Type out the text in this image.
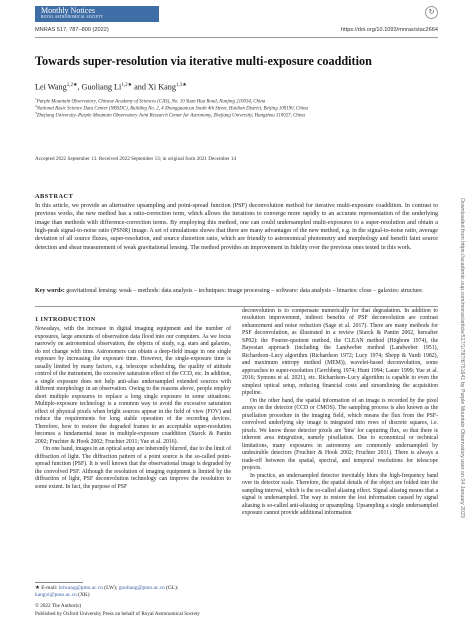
Monthly Notices
ROYAL ASTRONOMICAL SOCIETY
↻
MNRAS 517, 787–800 (2022)	https://doi.org/10.1093/mnras/stac2664
Towards super-resolution via iterative multi-exposure coaddition
Lei Wang$^{1,2★}$, Guoliang $Li^{1,2★}$ and Xi Kang$^{1,3★}$
$^1$Purple Mountain Observatory, Chinese Academy of Sciences (CAS), No. 10 Yuan Hua Road, Nanjing 210034, China
$^2$National Basic Science Data Center (NBSDC), Building No. 2, 4 Zhongguancun South 4th Street, Haidian District, Beijing 100190, China
$^3$Zhejiang University–Purple Mountain Observatory Joint Research Center for Astronomy, Zhejiang University, Hangzhou 310027, China
Accepted 2022 September 13. Received 2022 September 13; in original form 2021 December 14
ABSTRACT

In this article, we provide an alternative upsampling and point-spread function (PSF) deconvolution method for iterative multi-exposure coaddition. In contrast to previous works, the new method has a ratio-correction term, which allows the iterations to converge more rapidly to an accurate representation of the underlying image than methods with difference-correction terms. By employing this method, one can could undersampled multi-exposures to a super-resolution and obtain a high-peak signal-to-noise ratio (PSNR) image. A set of simulations shows that there are many advantages of the new method, e.g. in the signal-to-noise ratio, average deviation of all source fluxes, super-resolution, and source distortion ratio, which are friendly to astronomical photometry and morphology and benefit faint source detection and shear measurement of weak gravitational lensing. The method provides an improvement in fidelity over the previous ones tested in this work.

Key words: gravitational lensing: weak – methods: data analysis – techniques: image processing – software: data analysis – binaries: close – galaxies: structure.
1 INTRODUCTION

Nowadays, with the increase in digital imaging equipment and the number of exposures, large amounts of observation data flood into our computers. As we focus narrowly on astronomical observation, the objects of study, e.g. stars and galaxies, do not change with time. Astronomers can obtain a deep-field image in one single exposure by increasing the exposure time. However, the single-exposure time is usually limited by many factors, e.g. telescope scheduling, the quality of attitude control of the instrument, the excessive saturation effect of the CCD, etc. In addition, a single exposure does not help anti-alias undersampled extended sources with different morphology in an observation. Owing to the reasons above, people employ short multiple exposures to replace a long single exposure in some situations. Multiple-exposure technology is a common way to avoid the excessive saturation effect of physical pixels when bright sources appear in the field of view (FOV) and reduce the requirements for long stable operation of the recording devices. Therefore, how to restore the degraded frames to an acceptable super-resolution becomes a fundamental issue in multiple-exposure coaddition (Starck & Pantin 2002; Fruchter & Hook 2002; Fruchter 2011; Yue et al. 2016).

On one hand, images in an optical setup are inherently blurred, due to the limit of diffraction of light. The diffraction pattern of a point source is the so-called point-spread function (PSF). It is well known that the observational image is degraded by the convolved PSF. Although the resolution of imaging equipment is limited by the diffraction of light, PSF deconvolution technology can improve the resolution to some extent. In fact, the purpose of PSF

deconvolution is to compensate numerically for that degradation. In addition to resolution improvement, indirect benefits of PSF deconvolution are contrast enhancement and noise reduction (Sage et al. 2017). There are many methods for PSF deconvolution, as illustrated in a review (Starck & Pantin 2002, hereafter SP02): the Fourier-quotient method, the CLEAN method (Högbom 1974), the Bayesian approach (including the Landweber method (Landweber 1951), Richardson–Lucy algorithm (Richardson 1972; Lucy 1974; Shepp & Vardi 1982), and maximum entropy method (MEM)), wavelet-based deconvolution, some approaches to super-resolution (Gerchberg 1974; Hunt 1994; Lauer 1999; Yue et al. 2016; Symons et al. 2021), etc. Richardson–Lucy algorithm is capable to even the simplest optical setup, reducing financial costs and streamlining the acquisition pipeline.

On the other hand, the spatial information of an image is recorded by the pixel arrays on the detector (CCD or CMOS). The sampling process is also known as the pixellation procedure in the imaging field, which means the flux from the PSF-convolved underlying sky image is integrated into rows of discrete squares, i.e. pixels. We know those detector pixels are 'bins' for capturing flux, so that there is inherent area integration, namely pixellation. Due to economical or technical limitations, many exposures in astronomy are commonly undersampled by undesirable detectors (Fruchter & Hook 2002; Fruchter 2011). There is always a trade-off between the spatial, spectral, and temporal resolutions for telescope projects.

In practice, an undersampled detector inevitably blurs the high-frequency band over its detector scale. Therefore, the spatial details of the object are folded into the sampling interval, which is the so-called aliasing effect. Signal aliasing means that a signal is undersampled. The way to restore the lost information caused by signal aliasing is so-called anti-aliasing or upsampling. Upsampling a single undersampled exposure cannot provide additional information

★ E-mail: leiwang@pmo.ac.cn (LW); guoliang@pmo.ac.cn (GL);
kangxi@pmo.ac.cn (XK)
© 2022 The Author(s)
Published by Oxford University Press on behalf of Royal Astronomical Society
Downloaded from https://academic.oup.com/mnras/article/517/1/787/6751641 by Purple Mountain Observatory user on 04 January 2023
